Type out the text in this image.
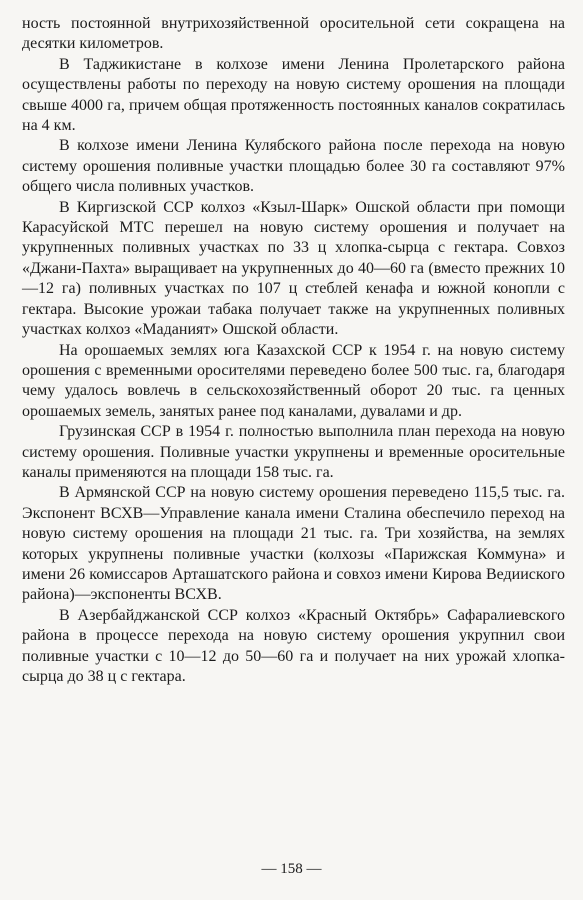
ность постоянной внутрихозяйственной оросительной сети сокращена на десятки километров.

В Таджикистане в колхозе имени Ленина Пролетарского района осуществлены работы по переходу на новую систему орошения на площади свыше 4000 га, причем общая протяженность постоянных каналов сократилась на 4 км.

В колхозе имени Ленина Кулябского района после перехода на новую систему орошения поливные участки площадью более 30 га составляют 97% общего числа поливных участков.

В Киргизской ССР колхоз «Кзыл-Шарк» Ошской области при помощи Карасуйской МТС перешел на новую систему орошения и получает на укрупненных поливных участках по 33 ц хлопка-сырца с гектара. Совхоз «Джани-Пахта» выращивает на укрупненных до 40—60 га (вместо прежних 10—12 га) поливных участках по 107 ц стеблей кенафа и южной конопли с гектара. Высокие урожаи табака получает также на укрупненных поливных участках колхоз «Маданият» Ошской области.

На орошаемых землях юга Казахской ССР к 1954 г. на новую систему орошения с временными оросителями переведено более 500 тыс. га, благодаря чему удалось вовлечь в сельскохозяйственный оборот 20 тыс. га ценных орошаемых земель, занятых ранее под каналами, дувалами и др.

Грузинская ССР в 1954 г. полностью выполнила план перехода на новую систему орошения. Поливные участки укрупнены и временные оросительные каналы применяются на площади 158 тыс. га.

В Армянской ССР на новую систему орошения переведено 115,5 тыс. га. Экспонент ВСХВ—Управление канала имени Сталина обеспечило переход на новую систему орошения на площади 21 тыс. га. Три хозяйства, на землях которых укрупнены поливные участки (колхозы «Парижская Коммуна» и имени 26 комиссаров Арташатского района и совхоз имени Кирова Ведииского района)—экспоненты ВСХВ.

В Азербайджанской ССР колхоз «Красный Октябрь» Сафаралиевского района в процессе перехода на новую систему орошения укрупнил свои поливные участки с 10—12 до 50—60 га и получает на них урожай хлопка-сырца до 38 ц с гектара.

— 158 —
